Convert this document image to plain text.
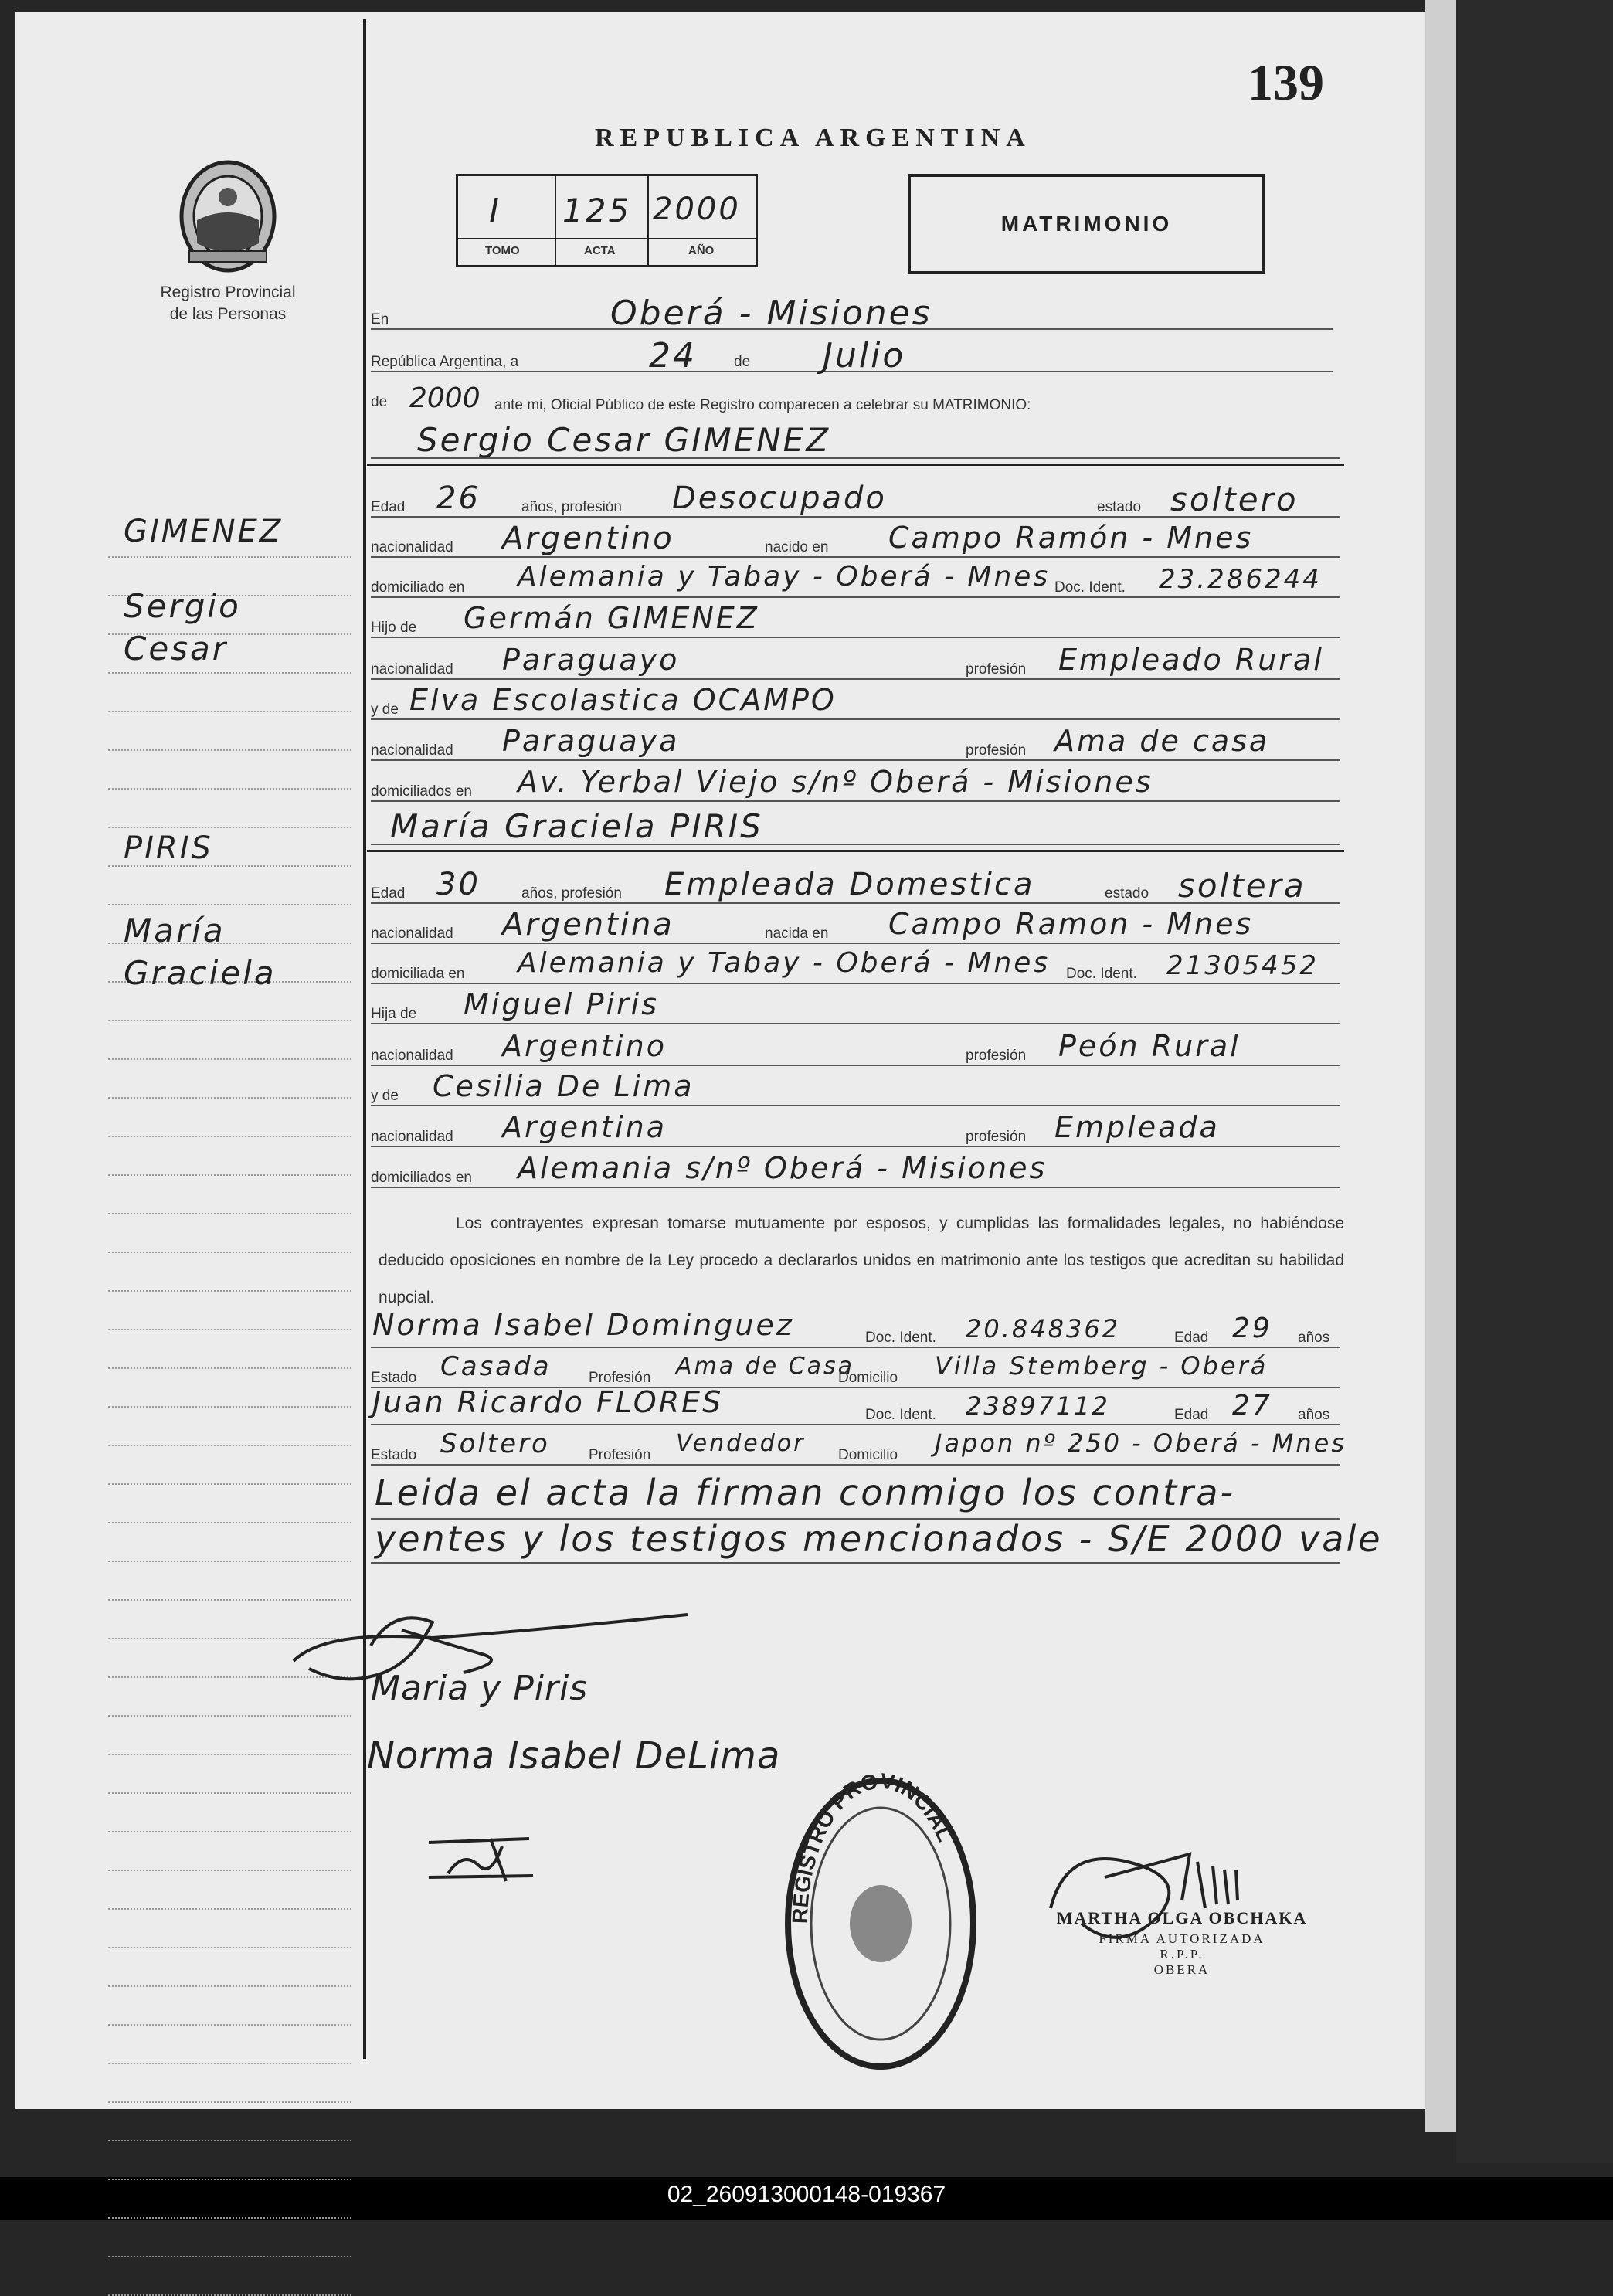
02_260913000148-019367
Registro Provincial
de las Personas
139
REPUBLICA ARGENTINA
I 125 2000
TOMO	ACTA	AÑO
MATRIMONIO
GIMENEZ
Sergio
Cesar
PIRIS
María
Graciela
En	Oberá - Misiones
República Argentina, a	24	de Julio
de 2000 ante mi, Oficial Público de este Registro comparecen a celebrar su MATRIMONIO:
Sergio Cesar GIMENEZ
Edad 26	años, profesión Desocupado	estado soltero
nacionalidad Argentino	nacido en Campo Ramón - Mnes
domiciliado en Alemania y Tabay - Oberá - Mnes Doc. Ident. 23.286244
Hijo de Germán GIMENEZ
nacionalidad Paraguayo	profesión Empleado Rural
y de Elva Escolastica OCAMPO
nacionalidad Paraguaya	profesión Ama de casa
domiciliados en Av. Yerbal Viejo s/nº Oberá - Misiones
María Graciela PIRIS
Edad 30	años, profesión Empleada Domestica	estado soltera
nacionalidad Argentina	nacida en Campo Ramon - Mnes
domiciliada en Alemania y Tabay - Oberá - Mnes Doc. Ident. 21305452
Hija de Miguel Piris
nacionalidad Argentino	profesión Peón Rural
y de Cesilia De Lima
nacionalidad Argentina	profesión Empleada
domiciliados en Alemania s/nº Oberá - Misiones
Los contrayentes expresan tomarse mutuamente por esposos, y cumplidas las formalidades legales, no habiéndose deducido oposiciones en nombre de la Ley procedo a declararlos unidos en matrimonio ante los testigos que acreditan su habilidad nupcial.
Norma Isabel Dominguez	Doc. Ident. 20.848362	Edad 29 años
Estado Casada	Profesión Ama de Casa
Domicilio Villa Stemberg - Oberá
Juan Ricardo FLORES	Doc. Ident. 23897112	Edad 27 años
Estado Soltero	Profesión Vendedor Domicilio Japon nº 250 - Oberá - Mnes
Leida el acta la firman conmigo los contra-
yentes y los testigos mencionados - S/E 2000 vale
Maria y Piris
Norma Isabel DeLima
REGISTRO PROVINCIAL
MARTHA OLGA OBCHAKA
FIRMA AUTORIZADA
R.P.P.
OBERA
